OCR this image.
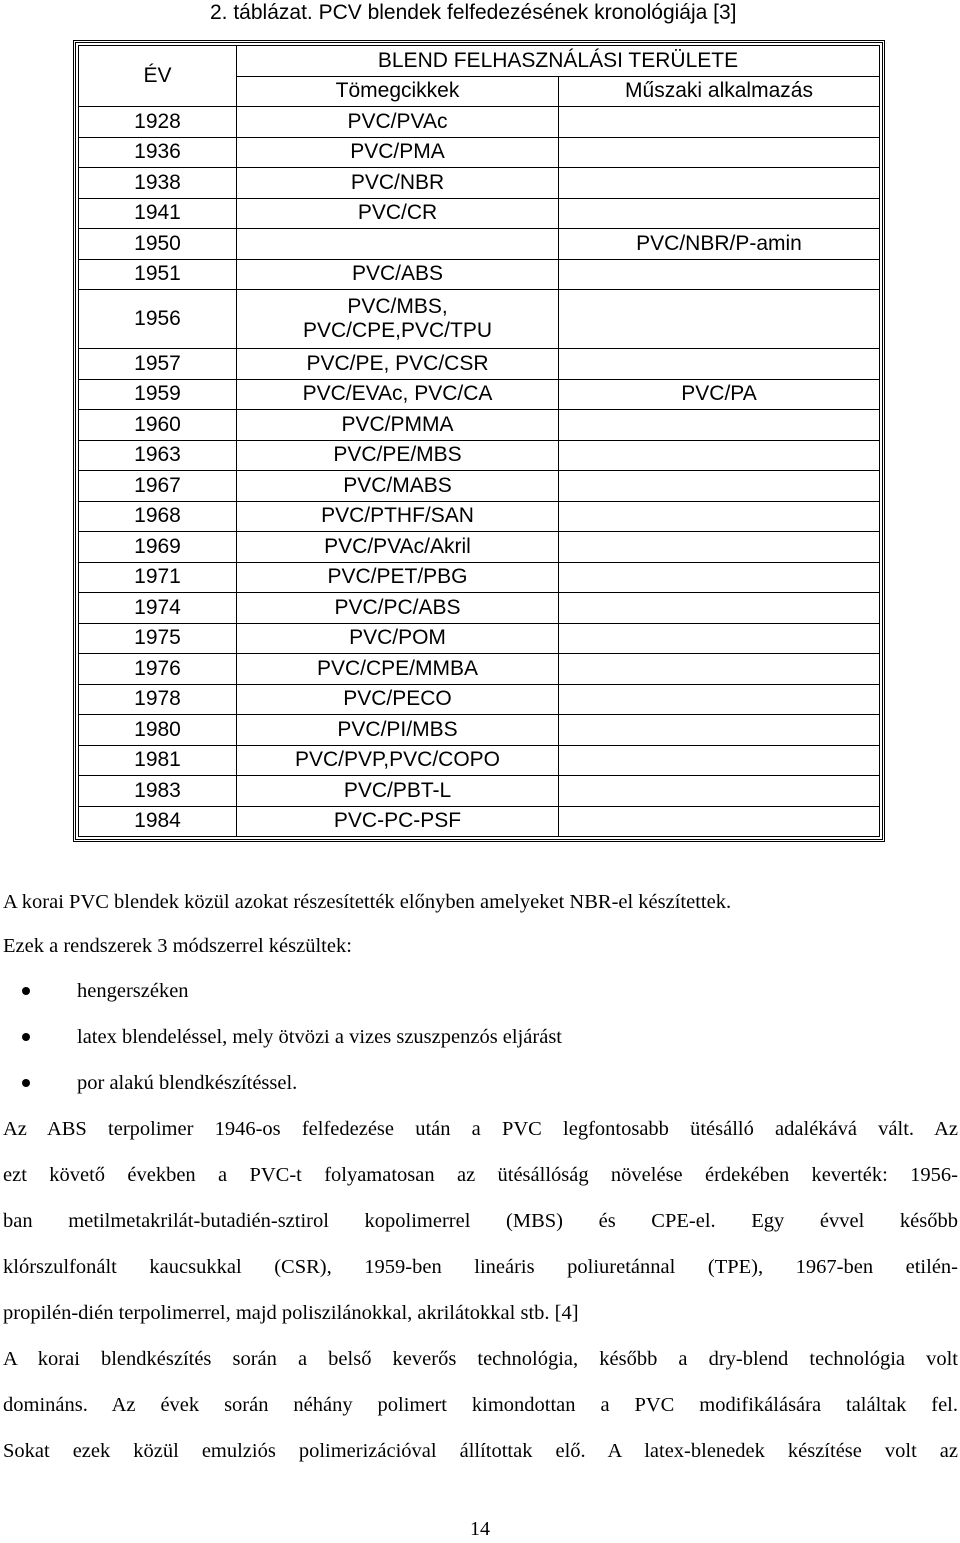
2. táblázat. PCV blendek felfedezésének kronológiája [3]
ÉV	BLEND FELHASZNÁLÁSI TERÜLETE	
	Tömegcikkek	Műszaki alkalmazás
1928	PVC/PVAc	
1936	PVC/PMA	
1938	PVC/NBR	
1941	PVC/CR	
1950		PVC/NBR/P-amin
1951	PVC/ABS	
1956	PVC/MBS,
PVC/CPE,PVC/TPU	

1957	PVC/PE, PVC/CSR	
1959	PVC/EVAc, PVC/CA	PVC/PA
1960	PVC/PMMA	
1963	PVC/PE/MBS	
1967	PVC/MABS	
1968	PVC/PTHF/SAN	
1969	PVC/PVAc/Akril	
1971	PVC/PET/PBG	
1974	PVC/PC/ABS	
1975	PVC/POM	
1976	PVC/CPE/MMBA	
1978	PVC/PECO	
1980	PVC/PI/MBS	
1981	PVC/PVP,PVC/COPO	
1983	PVC/PBT-L	
1984	PVC-PC-PSF	

A korai PVC blendek közül azokat részesítették előnyben amelyeket NBR-el készítettek.

Ezek a rendszerek 3 módszerrel készültek:

hengerszéken
latex blendeléssel, mely ötvözi a vizes szuszpenzós eljárást
por alakú blendkészítéssel.
Az ABS terpolimer 1946-os felfedezése után a PVC legfontosabb ütésálló adalékává vált. Az
ezt követő években a PVC-t folyamatosan az ütésállóság növelése érdekében keverték: 1956-
ban metilmetakrilát-butadién-sztirol kopolimerrel (MBS) és CPE-el. Egy évvel később
klórszulfonált kaucsukkal (CSR), 1959-ben lineáris poliuretánnal (TPE), 1967-ben etilén-
propilén-dién terpolimerrel, majd poliszilánokkal, akrilátokkal stb. [4]
A korai blendkészítés során a belső keverős technológia, később a dry-blend technológia volt
domináns. Az évek során néhány polimert kimondottan a PVC modifikálására találtak fel.
Sokat ezek közül emulziós polimerizációval állítottak elő. A latex-blenedek készítése volt az
14
